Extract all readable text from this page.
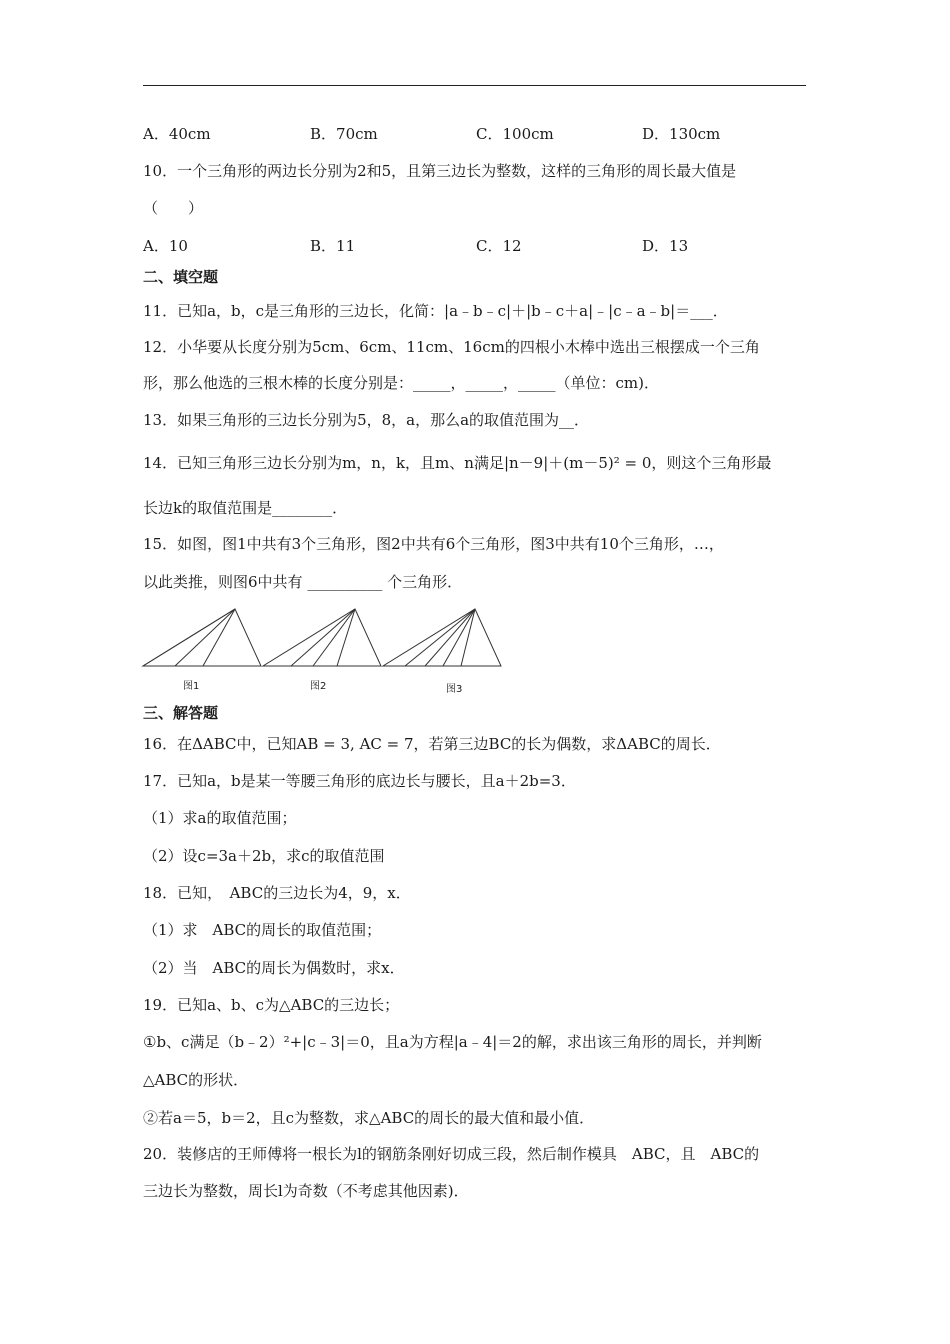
A．40cm	B．70cm	C．100cm	D．130cm
10．一个三角形的两边长分别为2和5，且第三边长为整数，这样的三角形的周长最大值是
（　　）
A．10	B．11	C．12	D．13
二、填空题
11．已知a，b，c是三角形的三边长，化简：|a﹣b﹣c|＋|b﹣c＋a|﹣|c﹣a﹣b|＝___．
12．小华要从长度分别为5cm、6cm、11cm、16cm的四根小木棒中选出三根摆成一个三角
形，那么他选的三根木棒的长度分别是：_____，_____，_____（单位：cm)．
13．如果三角形的三边长分别为5，8，a，那么a的取值范围为__．
14．已知三角形三边长分别为m，n，k，且m、n满足|n－9|＋(m－5)² = 0，则这个三角形最
长边k的取值范围是________．
15．如图，图1中共有3个三角形，图2中共有6个三角形，图3中共有10个三角形，…，
以此类推，则图6中共有 __________ 个三角形．
图1	图2	图3
三、解答题
16．在ΔABC中，已知AB = 3, AC = 7，若第三边BC的长为偶数，求ΔABC的周长．
17．已知a，b是某一等腰三角形的底边长与腰长，且a＋2b=3．
（1）求a的取值范围；
（2）设c=3a＋2b，求c的取值范围
18．已知，　ABC的三边长为4，9，x．
（1）求　ABC的周长的取值范围；
（2）当　ABC的周长为偶数时，求x．
19．已知a、b、c为△ABC的三边长；
①b、c满足（b﹣2）²+|c﹣3|＝0，且a为方程|a﹣4|＝2的解，求出该三角形的周长，并判断
△ABC的形状．
②若a＝5，b＝2，且c为整数，求△ABC的周长的最大值和最小值．
20．装修店的王师傅将一根长为l的钢筋条刚好切成三段，然后制作模具　ABC，且　ABC的
三边长为整数，周长l为奇数（不考虑其他因素)．
